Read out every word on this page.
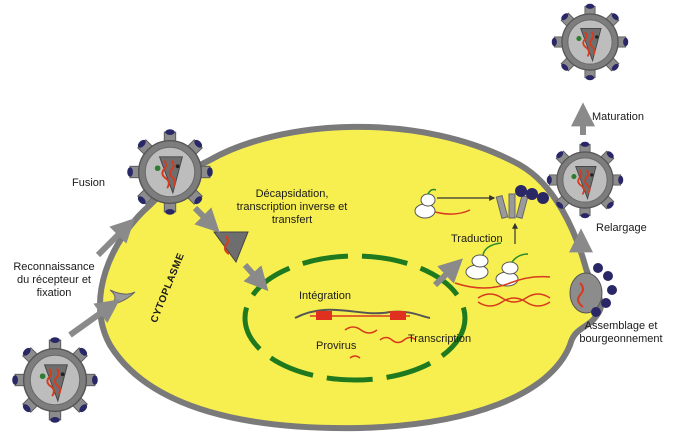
Fusion
Reconnaissance
du récepteur et
fixation
Décapsidation,
transcription inverse et
transfert
CYTOPLASME	Intégration
Provirus
Transcription
Traduction
Maturation
Relargage
Assemblage et
bourgeonnement
